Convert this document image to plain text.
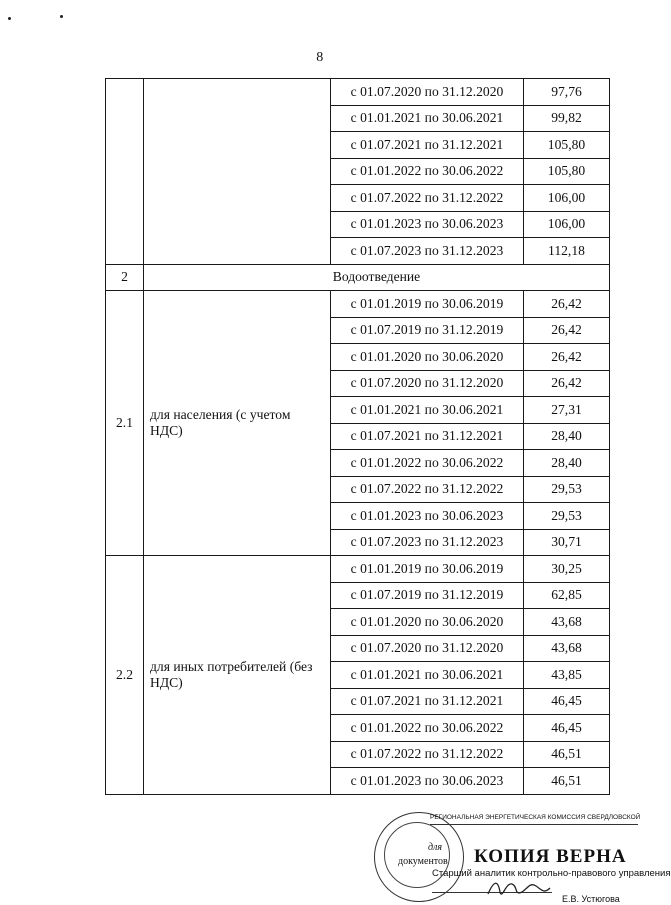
8
		с 01.07.2020 по 31.12.2020	97,76
		с 01.01.2021 по 30.06.2021	99,82
		с 01.07.2021 по 31.12.2021	105,80
		с 01.01.2022 по 30.06.2022	105,80
		с 01.07.2022 по 31.12.2022	106,00
		с 01.01.2023 по 30.06.2023	106,00
		с 01.07.2023 по 31.12.2023	112,18
2	Водоотведение		
2.1	для населения (с учетом НДС)	с 01.01.2019 по 30.06.2019	26,42
		с 01.07.2019 по 31.12.2019	26,42
		с 01.01.2020 по 30.06.2020	26,42
		с 01.07.2020 по 31.12.2020	26,42
		с 01.01.2021 по 30.06.2021	27,31
		с 01.07.2021 по 31.12.2021	28,40
		с 01.01.2022 по 30.06.2022	28,40
		с 01.07.2022 по 31.12.2022	29,53
		с 01.01.2023 по 30.06.2023	29,53
		с 01.07.2023 по 31.12.2023	30,71
2.2	для иных потребителей (без НДС)	с 01.01.2019 по 30.06.2019	30,25
		с 01.07.2019 по 31.12.2019	62,85
		с 01.01.2020 по 30.06.2020	43,68
		с 01.07.2020 по 31.12.2020	43,68
		с 01.01.2021 по 30.06.2021	43,85
		с 01.07.2021 по 31.12.2021	46,45
		с 01.01.2022 по 30.06.2022	46,45
		с 01.07.2022 по 31.12.2022	46,51
		с 01.01.2023 по 30.06.2023	46,51
РЕГИОНАЛЬНАЯ ЭНЕРГЕТИЧЕСКАЯ КОМИССИЯ СВЕРДЛОВСКОЙ
для
документов КОПИЯ ВЕРНА
Старший аналитик контрольно-правового управления
Е.В. Устюгова
